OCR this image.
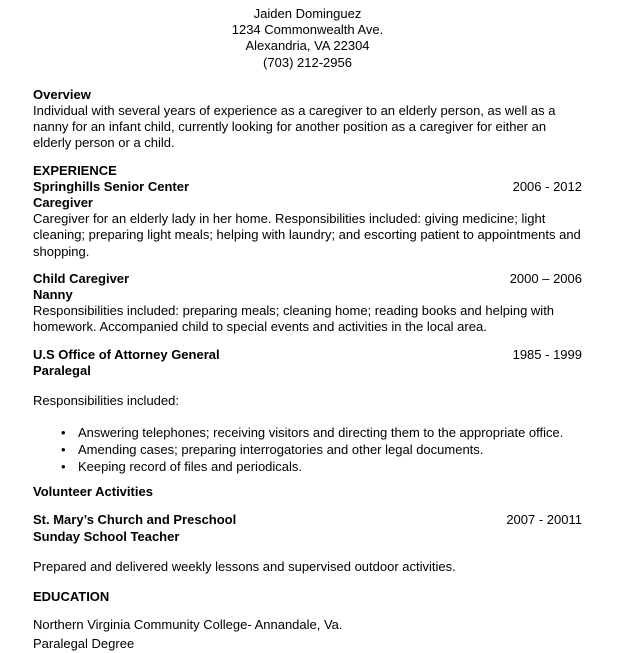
Jaiden Dominguez
1234 Commonwealth Ave.
Alexandria, VA 22304
(703) 212-2956
Overview

Individual with several years of experience as a caregiver to an elderly person, as well as a nanny for an infant child, currently looking for another position as a caregiver for either an elderly person or a child.

EXPERIENCE
Springhills Senior Center	2006 - 2012
Caregiver

Caregiver for an elderly lady in her home. Responsibilities included: giving medicine; light cleaning; preparing light meals; helping with laundry; and escorting patient to appointments and shopping.

Child Caregiver	2000 – 2006
Nanny

Responsibilities included: preparing meals; cleaning home; reading books and helping with homework. Accompanied child to special events and activities in the local area.

U.S Office of Attorney General	1985 - 1999
Paralegal

Responsibilities included:

• Answering telephones; receiving visitors and directing them to the appropriate office.
• Amending cases; preparing interrogatories and other legal documents.
• Keeping record of files and periodicals.
Volunteer Activities
St. Mary’s Church and Preschool	2007 - 20011
Sunday School Teacher

Prepared and delivered weekly lessons and supervised outdoor activities.

EDUCATION
Northern Virginia Community College- Annandale, Va.
Paralegal Degree
